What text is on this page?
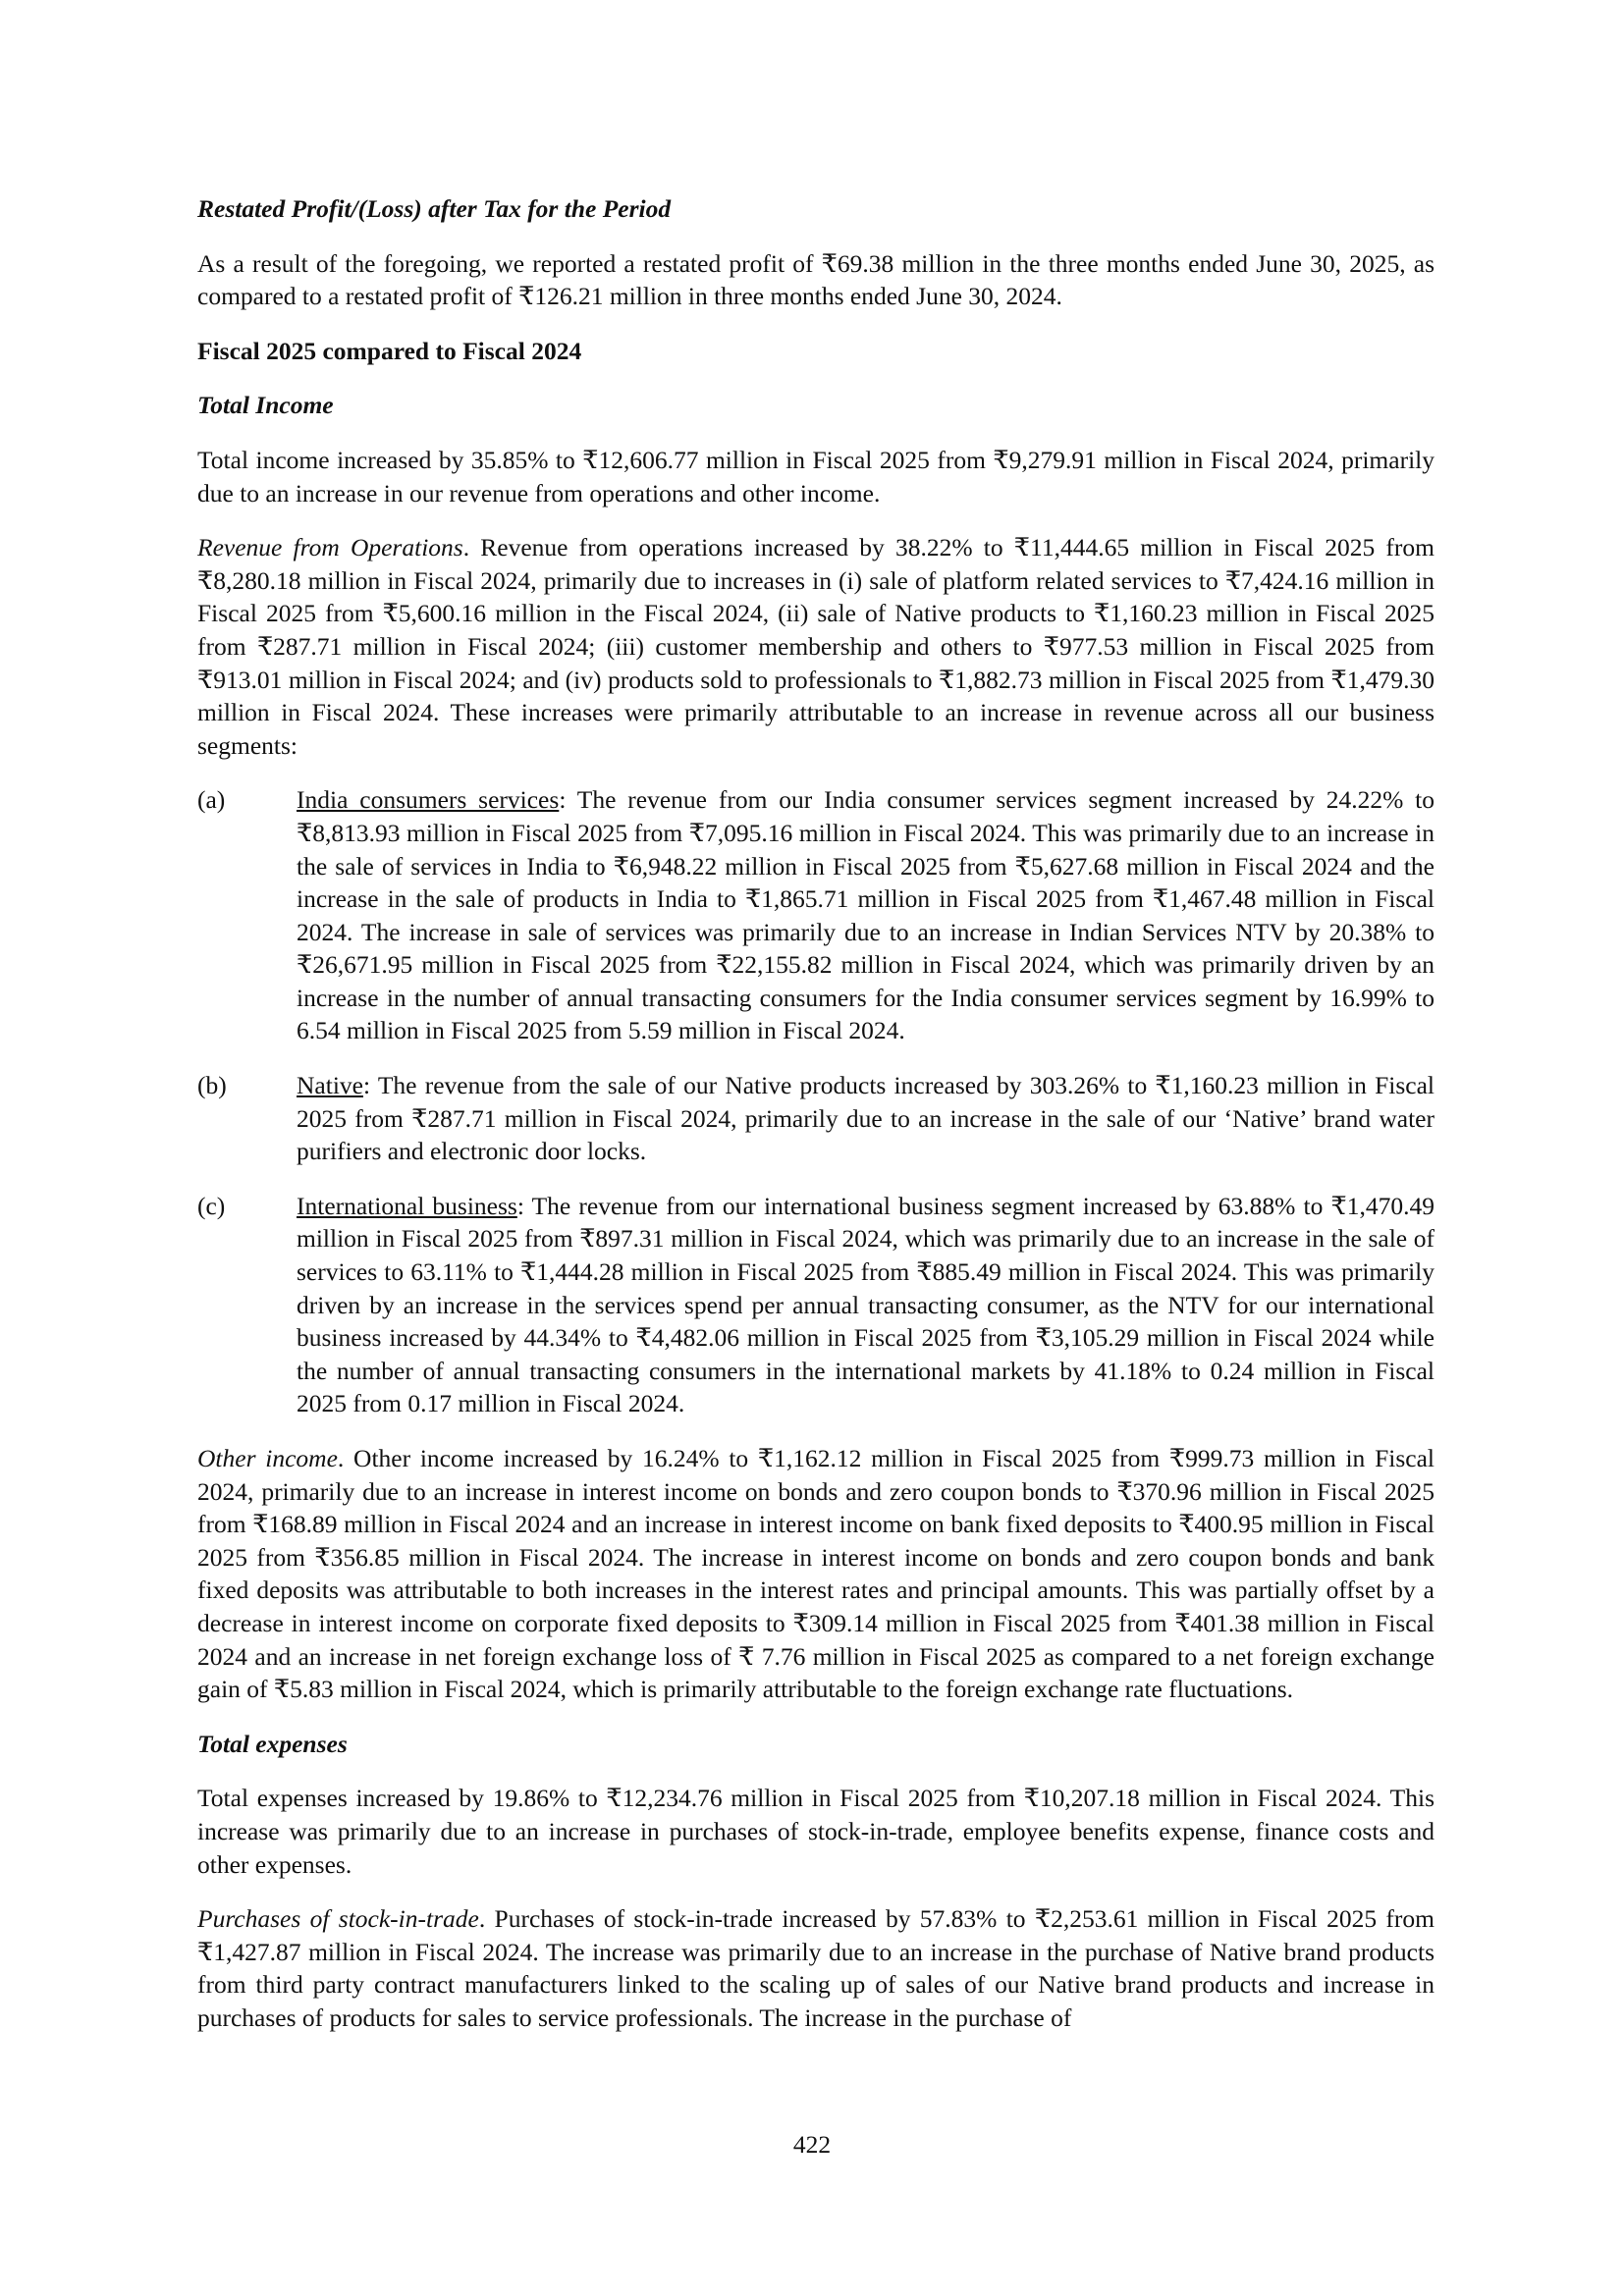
Restated Profit/(Loss) after Tax for the Period

As a result of the foregoing, we reported a restated profit of ₹69.38 million in the three months ended June 30, 2025, as compared to a restated profit of ₹126.21 million in three months ended June 30, 2024.

Fiscal 2025 compared to Fiscal 2024

Total Income

Total income increased by 35.85% to ₹12,606.77 million in Fiscal 2025 from ₹9,279.91 million in Fiscal 2024, primarily due to an increase in our revenue from operations and other income.

Revenue from Operations. Revenue from operations increased by 38.22% to ₹11,444.65 million in Fiscal 2025 from ₹8,280.18 million in Fiscal 2024, primarily due to increases in (i) sale of platform related services to ₹7,424.16 million in Fiscal 2025 from ₹5,600.16 million in the Fiscal 2024, (ii) sale of Native products to ₹1,160.23 million in Fiscal 2025 from ₹287.71 million in Fiscal 2024; (iii) customer membership and others to ₹977.53 million in Fiscal 2025 from ₹913.01 million in Fiscal 2024; and (iv) products sold to professionals to ₹1,882.73 million in Fiscal 2025 from ₹1,479.30 million in Fiscal 2024. These increases were primarily attributable to an increase in revenue across all our business segments:

(a)	India consumers services: The revenue from our India consumer services segment increased by 24.22% to ₹8,813.93 million in Fiscal 2025 from ₹7,095.16 million in Fiscal 2024. This was primarily due to an increase in the sale of services in India to ₹6,948.22 million in Fiscal 2025 from ₹5,627.68 million in Fiscal 2024 and the increase in the sale of products in India to ₹1,865.71 million in Fiscal 2025 from ₹1,467.48 million in Fiscal 2024. The increase in sale of services was primarily due to an increase in Indian Services NTV by 20.38% to ₹26,671.95 million in Fiscal 2025 from ₹22,155.82 million in Fiscal 2024, which was primarily driven by an increase in the number of annual transacting consumers for the India consumer services segment by 16.99% to 6.54 million in Fiscal 2025 from 5.59 million in Fiscal 2024.

(b)	Native: The revenue from the sale of our Native products increased by 303.26% to ₹1,160.23 million in Fiscal 2025 from ₹287.71 million in Fiscal 2024, primarily due to an increase in the sale of our ‘Native’ brand water purifiers and electronic door locks.

(c)	International business: The revenue from our international business segment increased by 63.88% to ₹1,470.49 million in Fiscal 2025 from ₹897.31 million in Fiscal 2024, which was primarily due to an increase in the sale of services to 63.11% to ₹1,444.28 million in Fiscal 2025 from ₹885.49 million in Fiscal 2024. This was primarily driven by an increase in the services spend per annual transacting consumer, as the NTV for our international business increased by 44.34% to ₹4,482.06 million in Fiscal 2025 from ₹3,105.29 million in Fiscal 2024 while the number of annual transacting consumers in the international markets by 41.18% to 0.24 million in Fiscal 2025 from 0.17 million in Fiscal 2024.

Other income. Other income increased by 16.24% to ₹1,162.12 million in Fiscal 2025 from ₹999.73 million in Fiscal 2024, primarily due to an increase in interest income on bonds and zero coupon bonds to ₹370.96 million in Fiscal 2025 from ₹168.89 million in Fiscal 2024 and an increase in interest income on bank fixed deposits to ₹400.95 million in Fiscal 2025 from ₹356.85 million in Fiscal 2024. The increase in interest income on bonds and zero coupon bonds and bank fixed deposits was attributable to both increases in the interest rates and principal amounts. This was partially offset by a decrease in interest income on corporate fixed deposits to ₹309.14 million in Fiscal 2025 from ₹401.38 million in Fiscal 2024 and an increase in net foreign exchange loss of ₹ 7.76 million in Fiscal 2025 as compared to a net foreign exchange gain of ₹5.83 million in Fiscal 2024, which is primarily attributable to the foreign exchange rate fluctuations.

Total expenses

Total expenses increased by 19.86% to ₹12,234.76 million in Fiscal 2025 from ₹10,207.18 million in Fiscal 2024. This increase was primarily due to an increase in purchases of stock-in-trade, employee benefits expense, finance costs and other expenses.

Purchases of stock-in-trade. Purchases of stock-in-trade increased by 57.83% to ₹2,253.61 million in Fiscal 2025 from ₹1,427.87 million in Fiscal 2024. The increase was primarily due to an increase in the purchase of Native brand products from third party contract manufacturers linked to the scaling up of sales of our Native brand products and increase in purchases of products for sales to service professionals. The increase in the purchase of

422
